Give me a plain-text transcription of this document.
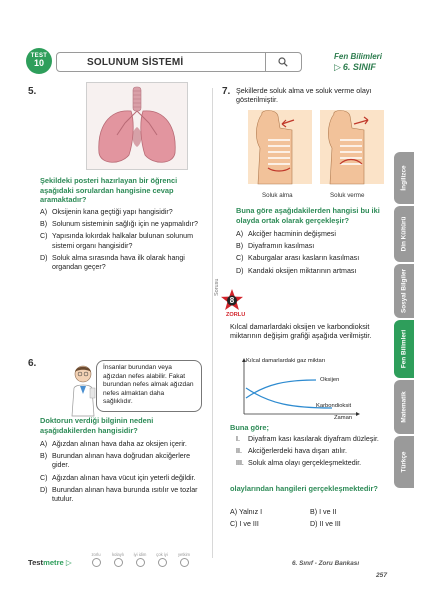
TEST
10	SOLUNUM SİSTEMİ
Fen Bilimleri
▷ 6. SINIF
5.
Şekildeki posteri hazırlayan bir öğrenci aşağıdaki sorulardan hangisine cevap aramaktadır?
A) Oksijenin kana geçtiği yapı hangisidir?
B) Solunum sisteminin sağlığı için ne yapmalıdır?
C) Yapısında kıkırdak halkalar bulunan solunum sistemi organı hangisidir?
D) Soluk alma sırasında hava ilk olarak hangi organdan geçer?
6.	İnsanlar burundan veya ağızdan nefes alabilir. Fakat burundan nefes almak ağızdan nefes almaktan daha sağlıklıdır.
Doktorun verdiği bilginin nedeni aşağıdakilerden hangisidir?
A) Ağızdan alınan hava daha az oksijen içerir.
B) Burundan alınan hava doğrudan akciğerlere gider.
C) Ağızdan alınan hava vücut için yeterli değildir.
D) Burundan alınan hava burunda ısıtılır ve tozlar tutulur.
7. Şekillerde soluk alma ve soluk verme olayı gösterilmiştir.
Soluk alma	Soluk verme
Buna göre aşağıdakilerden hangisi bu iki olayda ortak olarak gerçekleşir?
A) Akciğer hacminin değişmesi
B) Diyaframın kasılması
C) Kaburgalar arası kasların kasılması
D) Kandaki oksijen miktarının artması
Sorusu
8
ZORLU
Kılcal damarlardaki oksijen ve karbondioksit miktarının değişim grafiği aşağıda verilmiştir.
Kılcal damarlardaki gaz miktarı
Oksijen
Karbondioksit
Zaman
Buna göre;
I. Diyafram kası kasılarak diyafram düzleşir.
II. Akciğerlerdeki hava dışarı atılır.
III. Soluk alma olayı gerçekleşmektedir.
olaylarından hangileri gerçekleşmektedir?
A) Yalnız I	B) I ve II
C) I ve III	D) II ve III
İngilizce
Din Kültürü
Sosyal Bilgiler
Fen Bilimleri
Matematik
Türkçe
Testmetre ▷
zorlu	kolaylı	iyi idim	çok iyi	yetkim
6. Sınıf - Zoru Bankası
257
